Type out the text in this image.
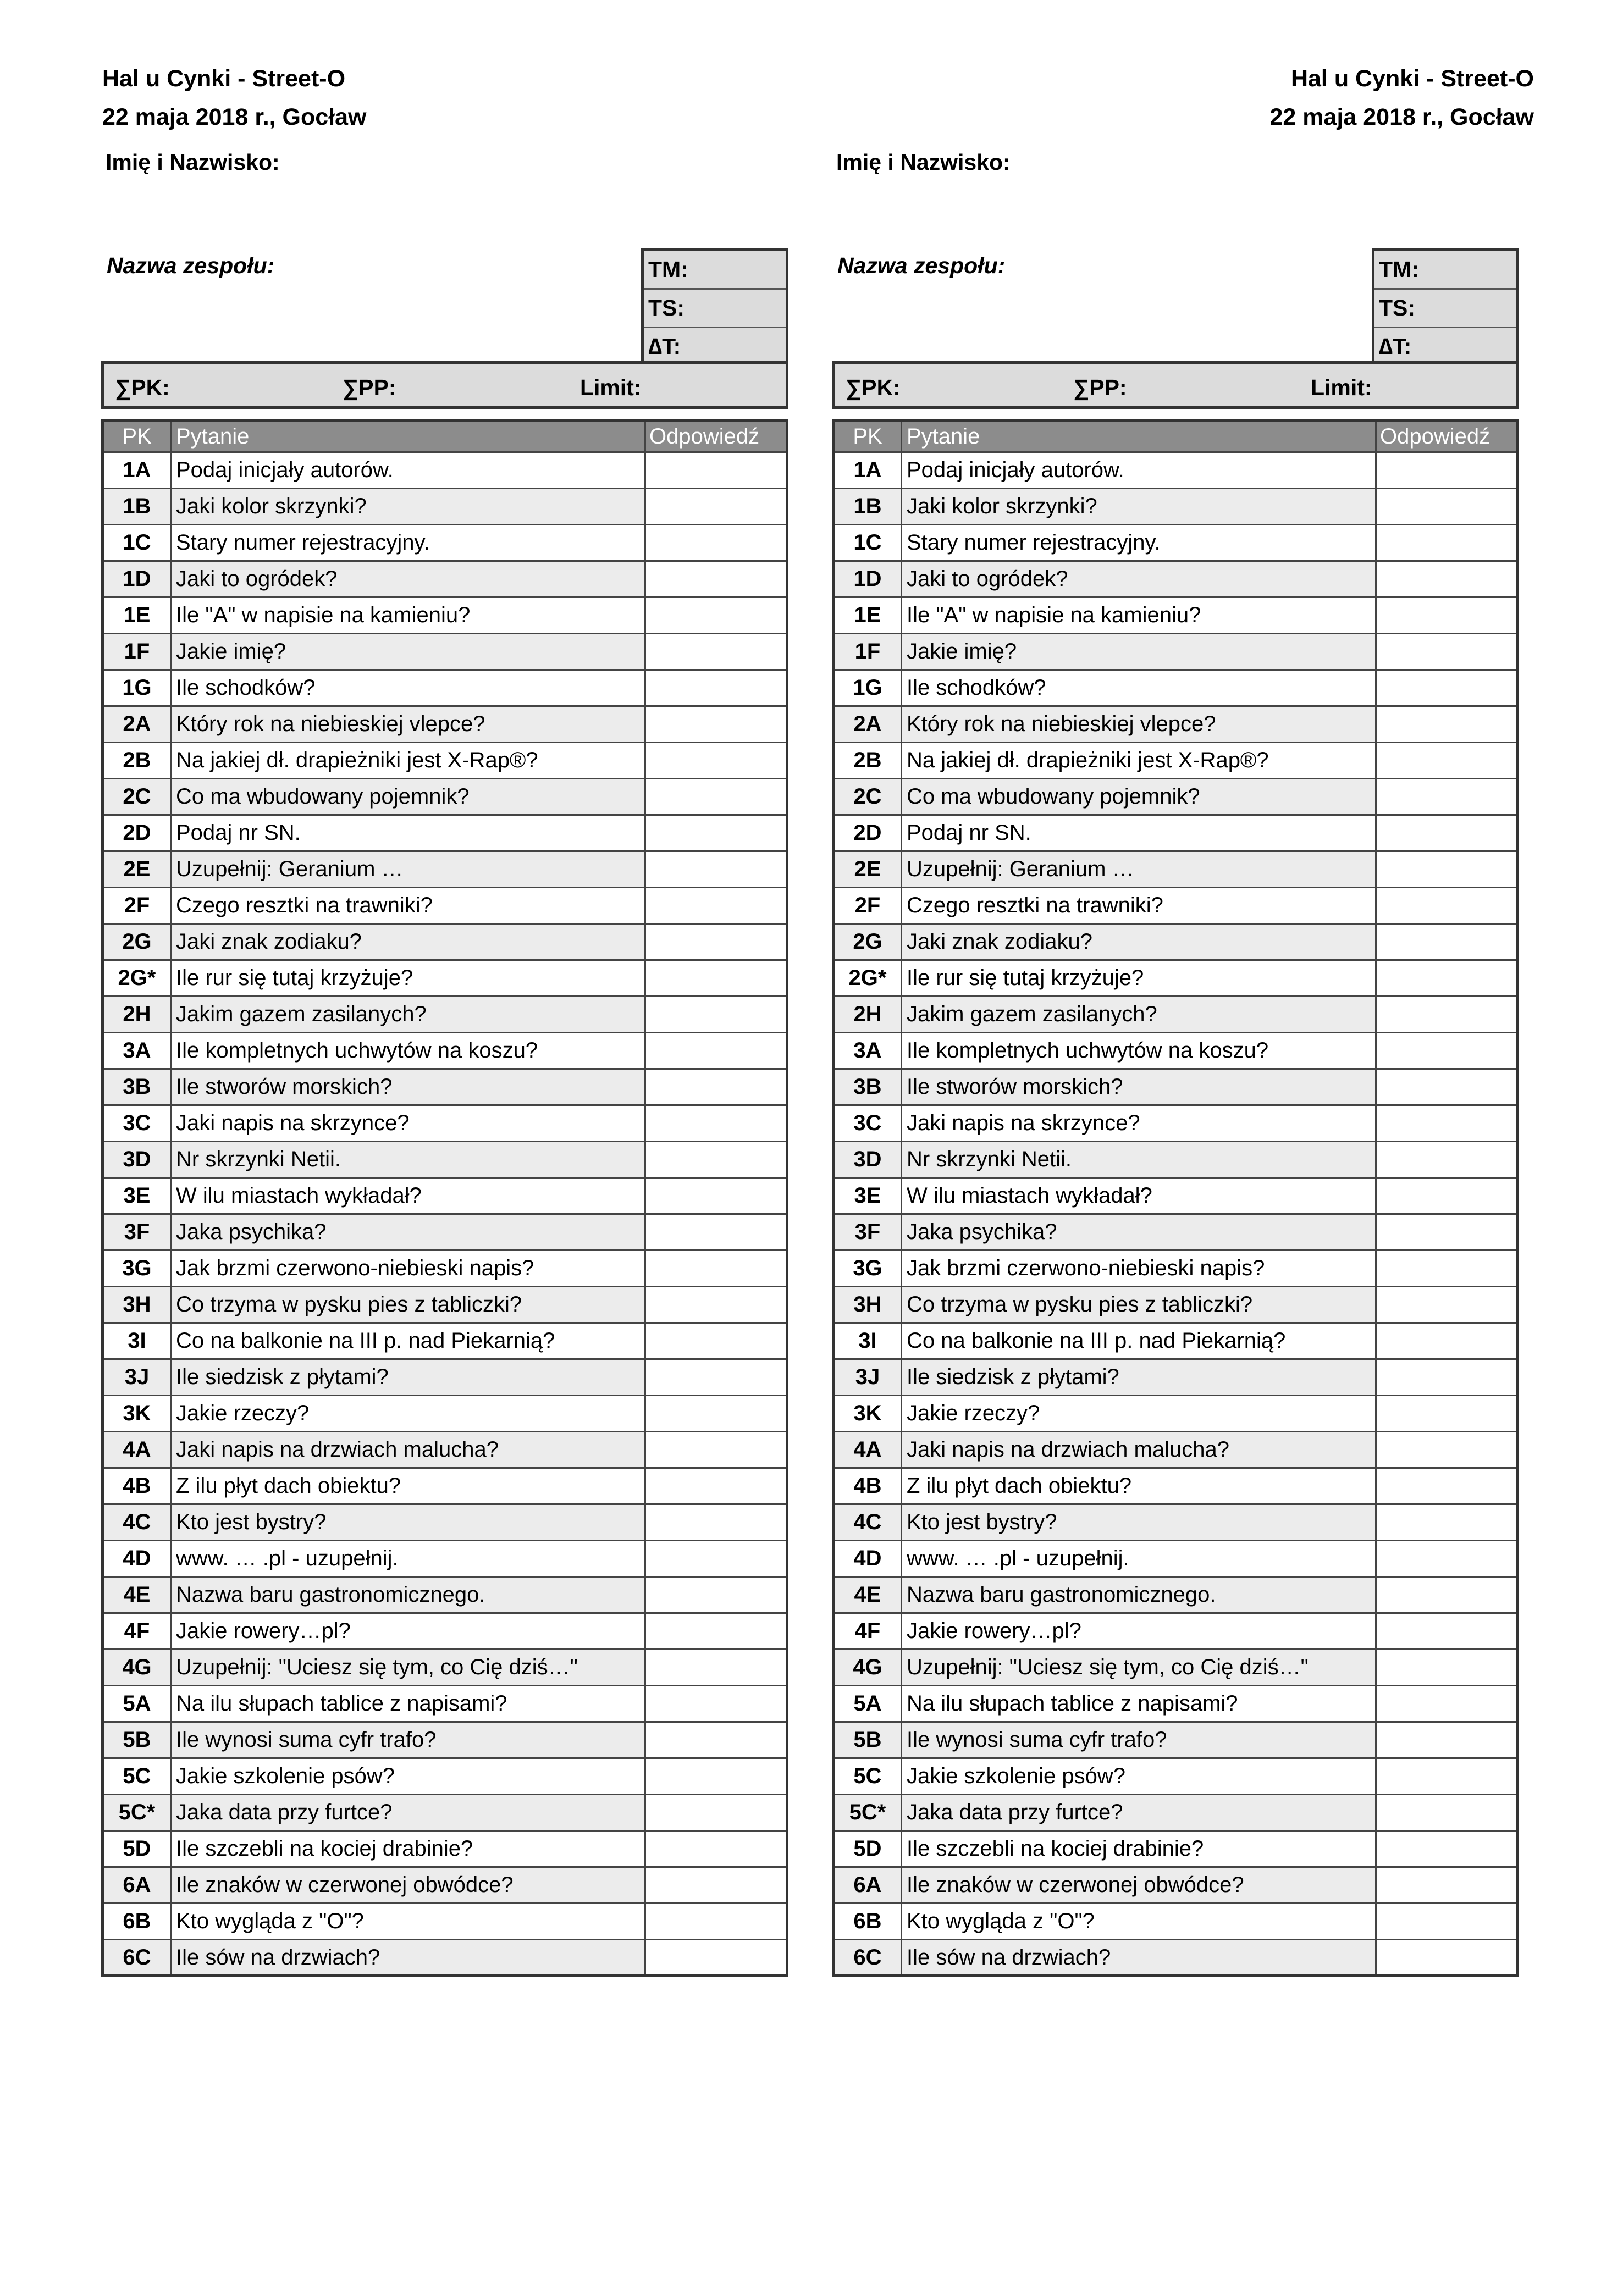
Hal u Cynki - Street-O
22 maja 2018 r., Gocław
Hal u Cynki - Street-O
22 maja 2018 r., Gocław
Imię i Nazwisko:	Imię i Nazwisko:
Nazwa zespołu:	TM:
TS:
∆T:
∑PK:	∑PP:	Limit:
PK	Pytanie	Odpowiedź
1A	Podaj inicjały autorów.	
1B	Jaki kolor skrzynki?	
1C	Stary numer rejestracyjny.	
1D	Jaki to ogródek?	
1E	Ile "A" w napisie na kamieniu?	
1F	Jakie imię?	
1G	Ile schodków?	
2A	Który rok na niebieskiej vlepce?	
2B	Na jakiej dł. drapieżniki jest X-Rap®?	
2C	Co ma wbudowany pojemnik?	
2D	Podaj nr SN.	
2E	Uzupełnij: Geranium …	
2F	Czego resztki na trawniki?	
2G	Jaki znak zodiaku?	
2G*	Ile rur się tutaj krzyżuje?	
2H	Jakim gazem zasilanych?	
3A	Ile kompletnych uchwytów na koszu?	
3B	Ile stworów morskich?	
3C	Jaki napis na skrzynce?	
3D	Nr skrzynki Netii.	
3E	W ilu miastach wykładał?	
3F	Jaka psychika?	
3G	Jak brzmi czerwono-niebieski napis?	
3H	Co trzyma w pysku pies z tabliczki?	
3I	Co na balkonie na III p. nad Piekarnią?	
3J	Ile siedzisk z płytami?	
3K	Jakie rzeczy?	
4A	Jaki napis na drzwiach malucha?	
4B	Z ilu płyt dach obiektu?	
4C	Kto jest bystry?	
4D	www. … .pl - uzupełnij.	
4E	Nazwa baru gastronomicznego.	
4F	Jakie rowery…pl?	
4G	Uzupełnij: "Uciesz się tym, co Cię dziś…"	
5A	Na ilu słupach tablice z napisami?	
5B	Ile wynosi suma cyfr trafo?	
5C	Jakie szkolenie psów?	
5C*	Jaka data przy furtce?	
5D	Ile szczebli na kociej drabinie?	
6A	Ile znaków w czerwonej obwódce?	
6B	Kto wygląda z "O"?	
6C	Ile sów na drzwiach?	
Nazwa zespołu:	TM:
TS:
∆T:
∑PK:	∑PP:	Limit:
PK	Pytanie	Odpowiedź
1A	Podaj inicjały autorów.	
1B	Jaki kolor skrzynki?	
1C	Stary numer rejestracyjny.	
1D	Jaki to ogródek?	
1E	Ile "A" w napisie na kamieniu?	
1F	Jakie imię?	
1G	Ile schodków?	
2A	Który rok na niebieskiej vlepce?	
2B	Na jakiej dł. drapieżniki jest X-Rap®?	
2C	Co ma wbudowany pojemnik?	
2D	Podaj nr SN.	
2E	Uzupełnij: Geranium …	
2F	Czego resztki na trawniki?	
2G	Jaki znak zodiaku?	
2G*	Ile rur się tutaj krzyżuje?	
2H	Jakim gazem zasilanych?	
3A	Ile kompletnych uchwytów na koszu?	
3B	Ile stworów morskich?	
3C	Jaki napis na skrzynce?	
3D	Nr skrzynki Netii.	
3E	W ilu miastach wykładał?	
3F	Jaka psychika?	
3G	Jak brzmi czerwono-niebieski napis?	
3H	Co trzyma w pysku pies z tabliczki?	
3I	Co na balkonie na III p. nad Piekarnią?	
3J	Ile siedzisk z płytami?	
3K	Jakie rzeczy?	
4A	Jaki napis na drzwiach malucha?	
4B	Z ilu płyt dach obiektu?	
4C	Kto jest bystry?	
4D	www. … .pl - uzupełnij.	
4E	Nazwa baru gastronomicznego.	
4F	Jakie rowery…pl?	
4G	Uzupełnij: "Uciesz się tym, co Cię dziś…"	
5A	Na ilu słupach tablice z napisami?	
5B	Ile wynosi suma cyfr trafo?	
5C	Jakie szkolenie psów?	
5C*	Jaka data przy furtce?	
5D	Ile szczebli na kociej drabinie?	
6A	Ile znaków w czerwonej obwódce?	
6B	Kto wygląda z "O"?	
6C	Ile sów na drzwiach?	
